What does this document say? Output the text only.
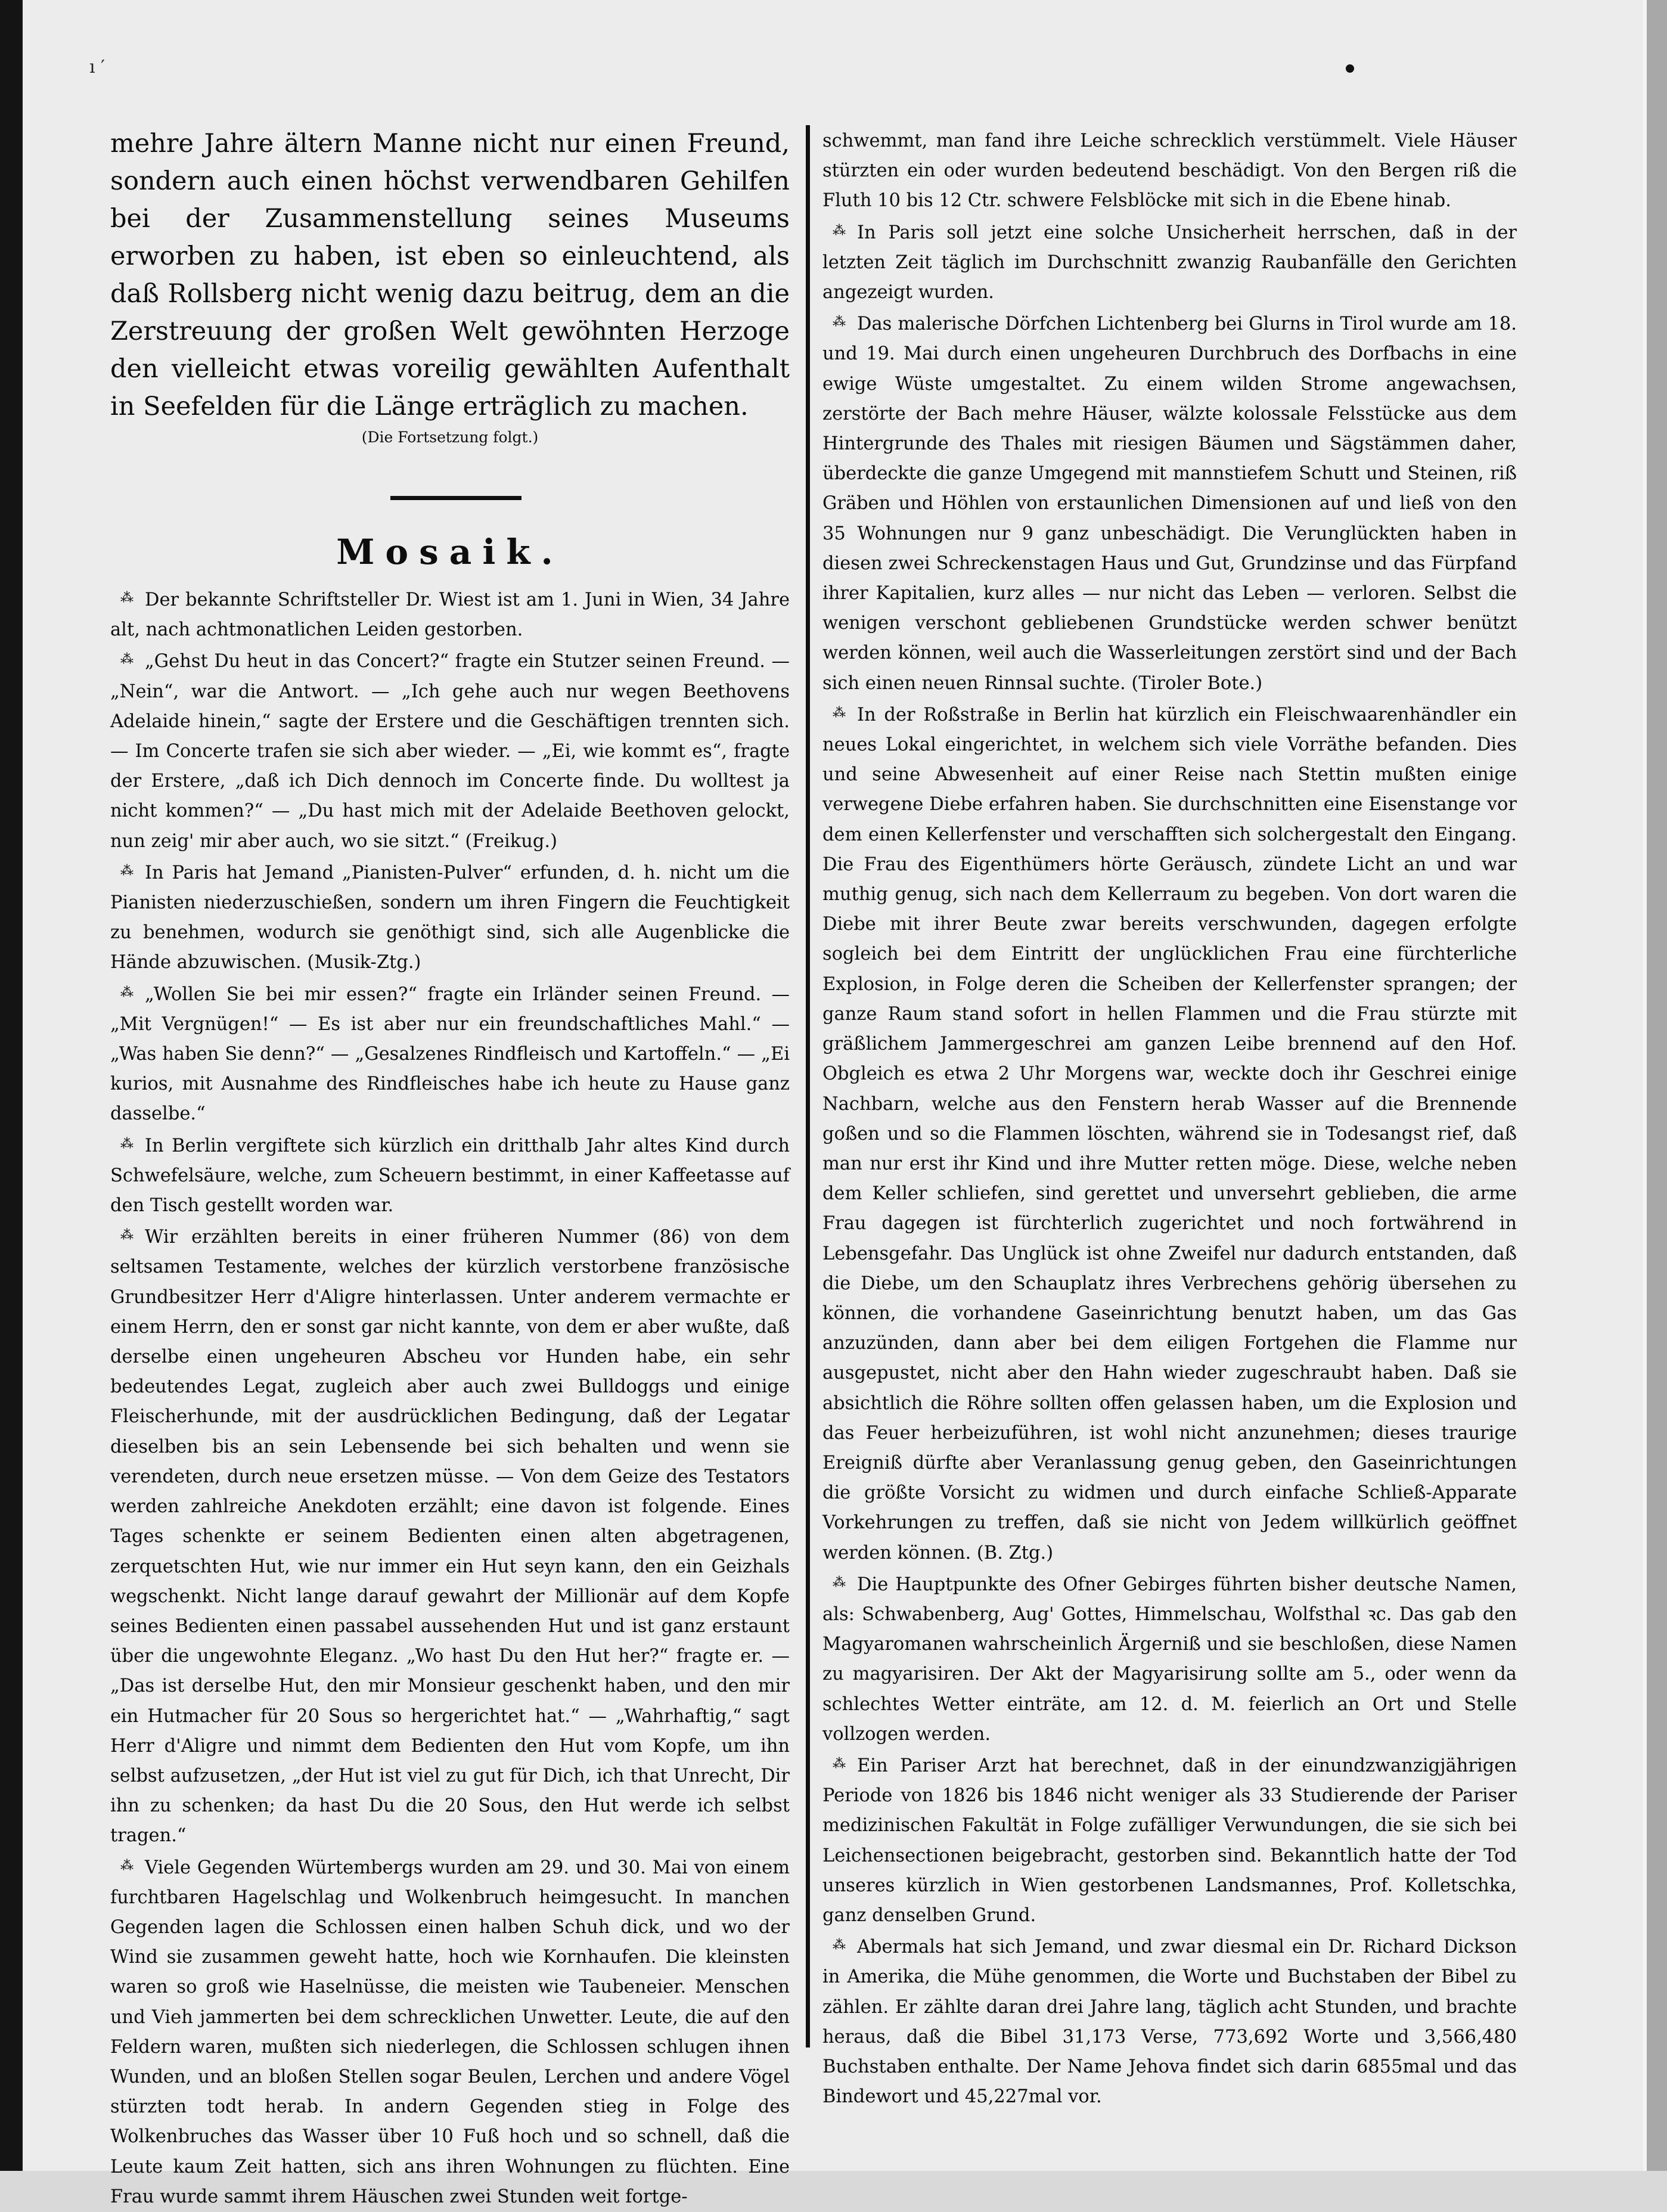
ı ′

mehre Jahre ältern Manne nicht nur einen Freund, sondern auch einen höchst verwendbaren Gehilfen bei der Zusammenstellung seines Museums erworben zu haben, ist eben so einleuchtend, als daß Rollsberg nicht wenig dazu beitrug, dem an die Zerstreuung der großen Welt gewöhnten Herzoge den vielleicht etwas voreilig gewählten Aufenthalt in Seefelden für die Länge erträglich zu machen.

(Die Fortsetzung folgt.)

Mosaik.

⁂ Der bekannte Schriftsteller Dr. Wiest ist am 1. Juni in Wien, 34 Jahre alt, nach achtmonatlichen Leiden gestorben.

⁂ „Gehst Du heut in das Concert?“ fragte ein Stutzer seinen Freund. — „Nein“, war die Antwort. — „Ich gehe auch nur wegen Beethovens Adelaide hinein,“ sagte der Erstere und die Geschäftigen trennten sich. — Im Concerte trafen sie sich aber wieder. — „Ei, wie kommt es“, fragte der Erstere, „daß ich Dich dennoch im Concerte finde. Du wolltest ja nicht kommen?“ — „Du hast mich mit der Adelaide Beethoven gelockt, nun zeig' mir aber auch, wo sie sitzt.“ (Freikug.)

⁂ In Paris hat Jemand „Pianisten-Pulver“ erfunden, d. h. nicht um die Pianisten niederzuschießen, sondern um ihren Fingern die Feuchtigkeit zu benehmen, wodurch sie genöthigt sind, sich alle Augenblicke die Hände abzuwischen. (Musik-Ztg.)

⁂ „Wollen Sie bei mir essen?“ fragte ein Irländer seinen Freund. — „Mit Vergnügen!“ — Es ist aber nur ein freundschaftliches Mahl.“ — „Was haben Sie denn?“ — „Gesalzenes Rindfleisch und Kartoffeln.“ — „Ei kurios, mit Ausnahme des Rindfleisches habe ich heute zu Hause ganz dasselbe.“

⁂ In Berlin vergiftete sich kürzlich ein dritthalb Jahr altes Kind durch Schwefelsäure, welche, zum Scheuern bestimmt, in einer Kaffeetasse auf den Tisch gestellt worden war.

⁂ Wir erzählten bereits in einer früheren Nummer (86) von dem seltsamen Testamente, welches der kürzlich verstorbene französische Grundbesitzer Herr d'Aligre hinterlassen. Unter anderem vermachte er einem Herrn, den er sonst gar nicht kannte, von dem er aber wußte, daß derselbe einen ungeheuren Abscheu vor Hunden habe, ein sehr bedeutendes Legat, zugleich aber auch zwei Bulldoggs und einige Fleischerhunde, mit der ausdrücklichen Bedingung, daß der Legatar dieselben bis an sein Lebensende bei sich behalten und wenn sie verendeten, durch neue ersetzen müsse. — Von dem Geize des Testators werden zahlreiche Anekdoten erzählt; eine davon ist folgende. Eines Tages schenkte er seinem Bedienten einen alten abgetragenen, zerquetschten Hut, wie nur immer ein Hut seyn kann, den ein Geizhals wegschenkt. Nicht lange darauf gewahrt der Millionär auf dem Kopfe seines Bedienten einen passabel aussehenden Hut und ist ganz erstaunt über die ungewohnte Eleganz. „Wo hast Du den Hut her?“ fragte er. — „Das ist derselbe Hut, den mir Monsieur geschenkt haben, und den mir ein Hutmacher für 20 Sous so hergerichtet hat.“ — „Wahrhaftig,“ sagt Herr d'Aligre und nimmt dem Bedienten den Hut vom Kopfe, um ihn selbst aufzusetzen, „der Hut ist viel zu gut für Dich, ich that Unrecht, Dir ihn zu schenken; da hast Du die 20 Sous, den Hut werde ich selbst tragen.“

⁂ Viele Gegenden Würtembergs wurden am 29. und 30. Mai von einem furchtbaren Hagelschlag und Wolkenbruch heimgesucht. In manchen Gegenden lagen die Schlossen einen halben Schuh dick, und wo der Wind sie zusammen geweht hatte, hoch wie Kornhaufen. Die kleinsten waren so groß wie Haselnüsse, die meisten wie Taubeneier. Menschen und Vieh jammerten bei dem schrecklichen Unwetter. Leute, die auf den Feldern waren, mußten sich niederlegen, die Schlossen schlugen ihnen Wunden, und an bloßen Stellen sogar Beulen, Lerchen und andere Vögel stürzten todt herab. In andern Gegenden stieg in Folge des Wolkenbruches das Wasser über 10 Fuß hoch und so schnell, daß die Leute kaum Zeit hatten, sich ans ihren Wohnungen zu flüchten. Eine Frau wurde sammt ihrem Häuschen zwei Stunden weit fortge-

schwemmt, man fand ihre Leiche schrecklich verstümmelt. Viele Häuser stürzten ein oder wurden bedeutend beschädigt. Von den Bergen riß die Fluth 10 bis 12 Ctr. schwere Felsblöcke mit sich in die Ebene hinab.

⁂ In Paris soll jetzt eine solche Unsicherheit herrschen, daß in der letzten Zeit täglich im Durchschnitt zwanzig Raubanfälle den Gerichten angezeigt wurden.

⁂ Das malerische Dörfchen Lichtenberg bei Glurns in Tirol wurde am 18. und 19. Mai durch einen ungeheuren Durchbruch des Dorfbachs in eine ewige Wüste umgestaltet. Zu einem wilden Strome angewachsen, zerstörte der Bach mehre Häuser, wälzte kolossale Felsstücke aus dem Hintergrunde des Thales mit riesigen Bäumen und Sägstämmen daher, überdeckte die ganze Umgegend mit mannstiefem Schutt und Steinen, riß Gräben und Höhlen von erstaunlichen Dimensionen auf und ließ von den 35 Wohnungen nur 9 ganz unbeschädigt. Die Verunglückten haben in diesen zwei Schreckenstagen Haus und Gut, Grundzinse und das Fürpfand ihrer Kapitalien, kurz alles — nur nicht das Leben — verloren. Selbst die wenigen verschont gebliebenen Grundstücke werden schwer benützt werden können, weil auch die Wasserleitungen zerstört sind und der Bach sich einen neuen Rinnsal suchte. (Tiroler Bote.)

⁂ In der Roßstraße in Berlin hat kürzlich ein Fleischwaarenhändler ein neues Lokal eingerichtet, in welchem sich viele Vorräthe befanden. Dies und seine Abwesenheit auf einer Reise nach Stettin mußten einige verwegene Diebe erfahren haben. Sie durchschnitten eine Eisenstange vor dem einen Kellerfenster und verschafften sich solchergestalt den Eingang. Die Frau des Eigenthümers hörte Geräusch, zündete Licht an und war muthig genug, sich nach dem Kellerraum zu begeben. Von dort waren die Diebe mit ihrer Beute zwar bereits verschwunden, dagegen erfolgte sogleich bei dem Eintritt der unglücklichen Frau eine fürchterliche Explosion, in Folge deren die Scheiben der Kellerfenster sprangen; der ganze Raum stand sofort in hellen Flammen und die Frau stürzte mit gräßlichem Jammergeschrei am ganzen Leibe brennend auf den Hof. Obgleich es etwa 2 Uhr Morgens war, weckte doch ihr Geschrei einige Nachbarn, welche aus den Fenstern herab Wasser auf die Brennende goßen und so die Flammen löschten, während sie in Todesangst rief, daß man nur erst ihr Kind und ihre Mutter retten möge. Diese, welche neben dem Keller schliefen, sind gerettet und unversehrt geblieben, die arme Frau dagegen ist fürchterlich zugerichtet und noch fortwährend in Lebensgefahr. Das Unglück ist ohne Zweifel nur dadurch entstanden, daß die Diebe, um den Schauplatz ihres Verbrechens gehörig übersehen zu können, die vorhandene Gaseinrichtung benutzt haben, um das Gas anzuzünden, dann aber bei dem eiligen Fortgehen die Flamme nur ausgepustet, nicht aber den Hahn wieder zugeschraubt haben. Daß sie absichtlich die Röhre sollten offen gelassen haben, um die Explosion und das Feuer herbeizuführen, ist wohl nicht anzunehmen; dieses traurige Ereigniß dürfte aber Veranlassung genug geben, den Gaseinrichtungen die größte Vorsicht zu widmen und durch einfache Schließ-Apparate Vorkehrungen zu treffen, daß sie nicht von Jedem willkürlich geöffnet werden können. (B. Ztg.)

⁂ Die Hauptpunkte des Ofner Gebirges führten bisher deutsche Namen, als: Schwabenberg, Aug' Gottes, Himmelschau, Wolfsthal ꝛc. Das gab den Magyaromanen wahrscheinlich Ärgerniß und sie beschloßen, diese Namen zu magyarisiren. Der Akt der Magyarisirung sollte am 5., oder wenn da schlechtes Wetter einträte, am 12. d. M. feierlich an Ort und Stelle vollzogen werden.

⁂ Ein Pariser Arzt hat berechnet, daß in der einundzwanzigjährigen Periode von 1826 bis 1846 nicht weniger als 33 Studierende der Pariser medizinischen Fakultät in Folge zufälliger Verwundungen, die sie sich bei Leichensectionen beigebracht, gestorben sind. Bekanntlich hatte der Tod unseres kürzlich in Wien gestorbenen Landsmannes, Prof. Kolletschka, ganz denselben Grund.

⁂ Abermals hat sich Jemand, und zwar diesmal ein Dr. Richard Dickson in Amerika, die Mühe genommen, die Worte und Buchstaben der Bibel zu zählen. Er zählte daran drei Jahre lang, täglich acht Stunden, und brachte heraus, daß die Bibel 31,173 Verse, 773,692 Worte und 3,566,480 Buchstaben enthalte. Der Name Jehova findet sich darin 6855mal und das Bindewort und 45,227mal vor.
